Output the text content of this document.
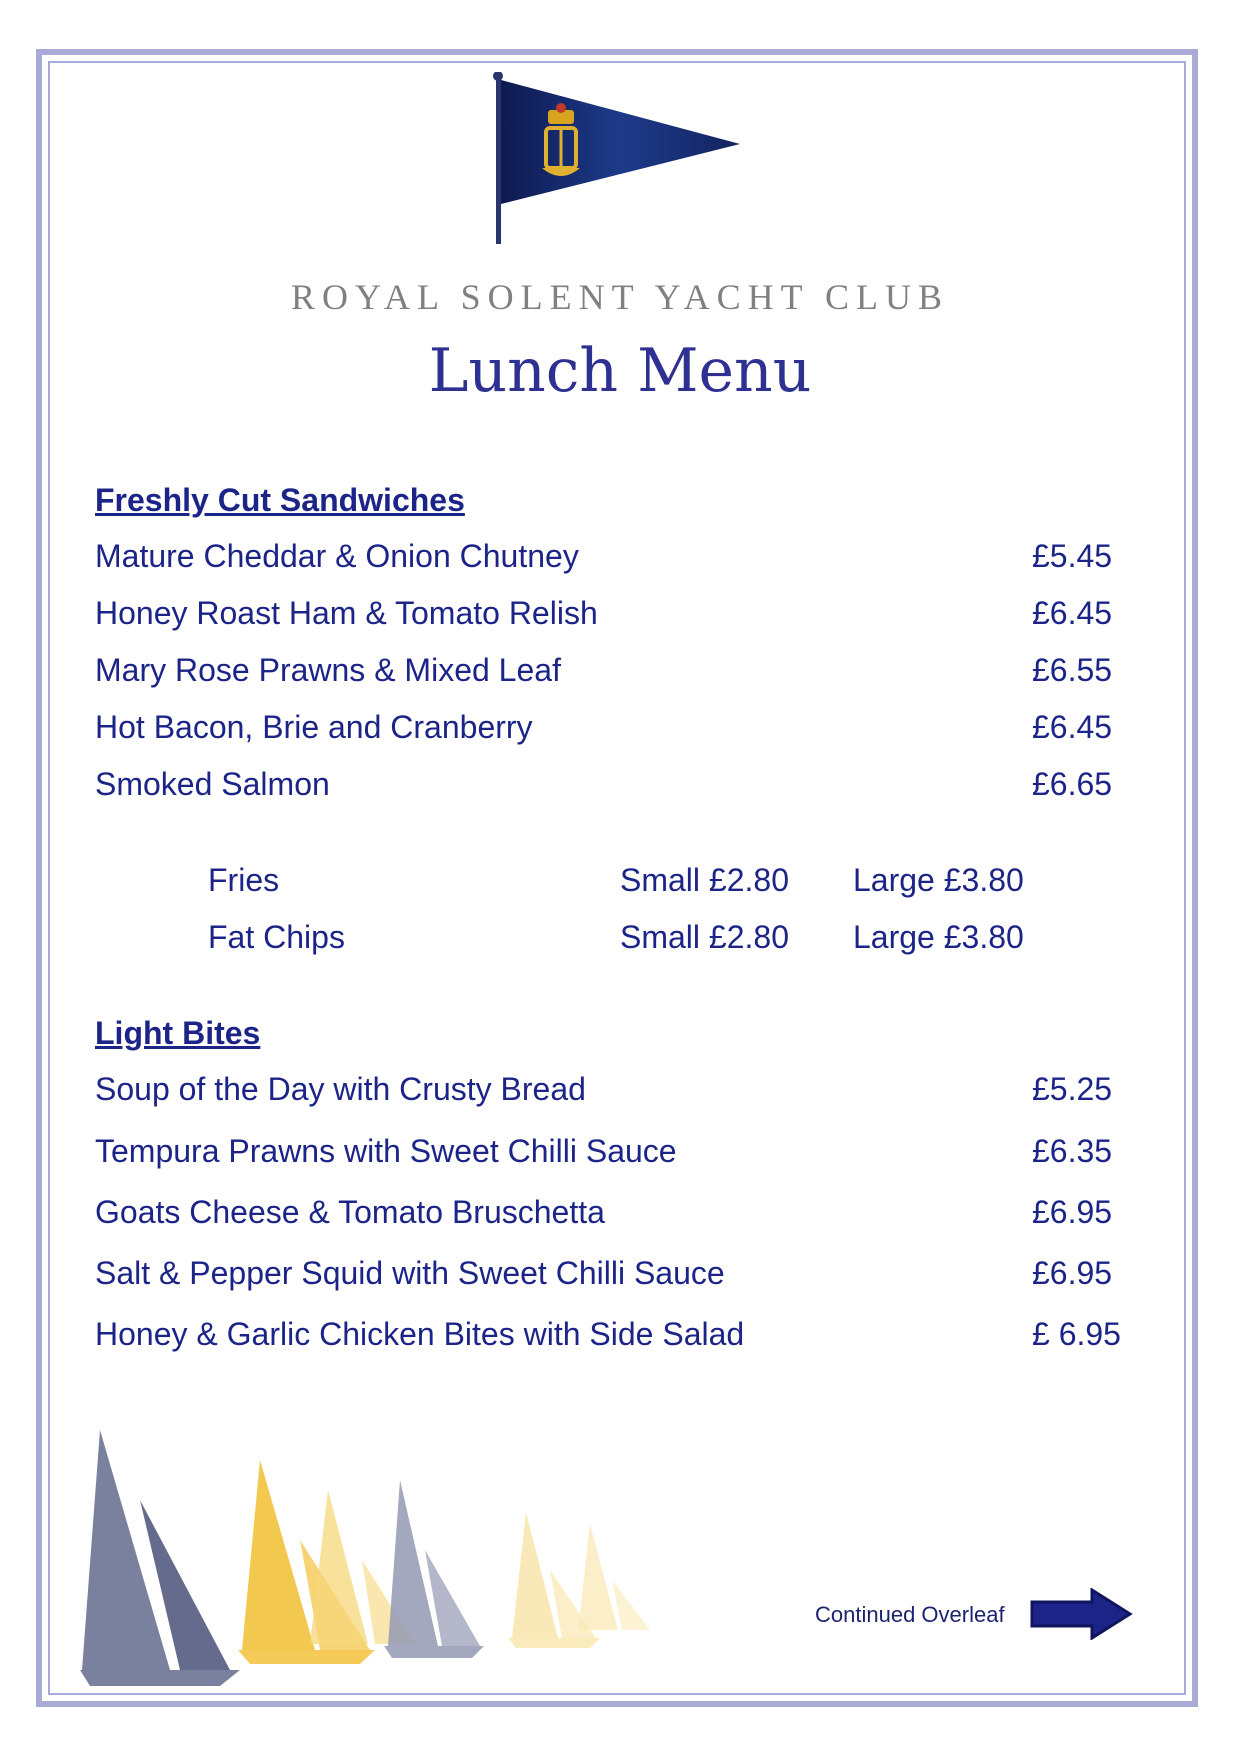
ROYAL SOLENT YACHT CLUB
Lunch Menu
Freshly Cut Sandwiches
Mature Cheddar & Onion Chutney	£5.45
Honey Roast Ham & Tomato Relish	£6.45
Mary Rose Prawns & Mixed Leaf	£6.55
Hot Bacon, Brie and Cranberry	£6.45
Smoked Salmon	£6.65
Fries	Small £2.80 Large £3.80
Fat Chips	Small £2.80 Large £3.80
Light Bites
Soup of the Day with Crusty Bread	£5.25
Tempura Prawns with Sweet Chilli Sauce	£6.35
Goats Cheese & Tomato Bruschetta	£6.95
Salt & Pepper Squid with Sweet Chilli Sauce	£6.95
Honey & Garlic Chicken Bites with Side Salad	£ 6.95
Continued Overleaf
